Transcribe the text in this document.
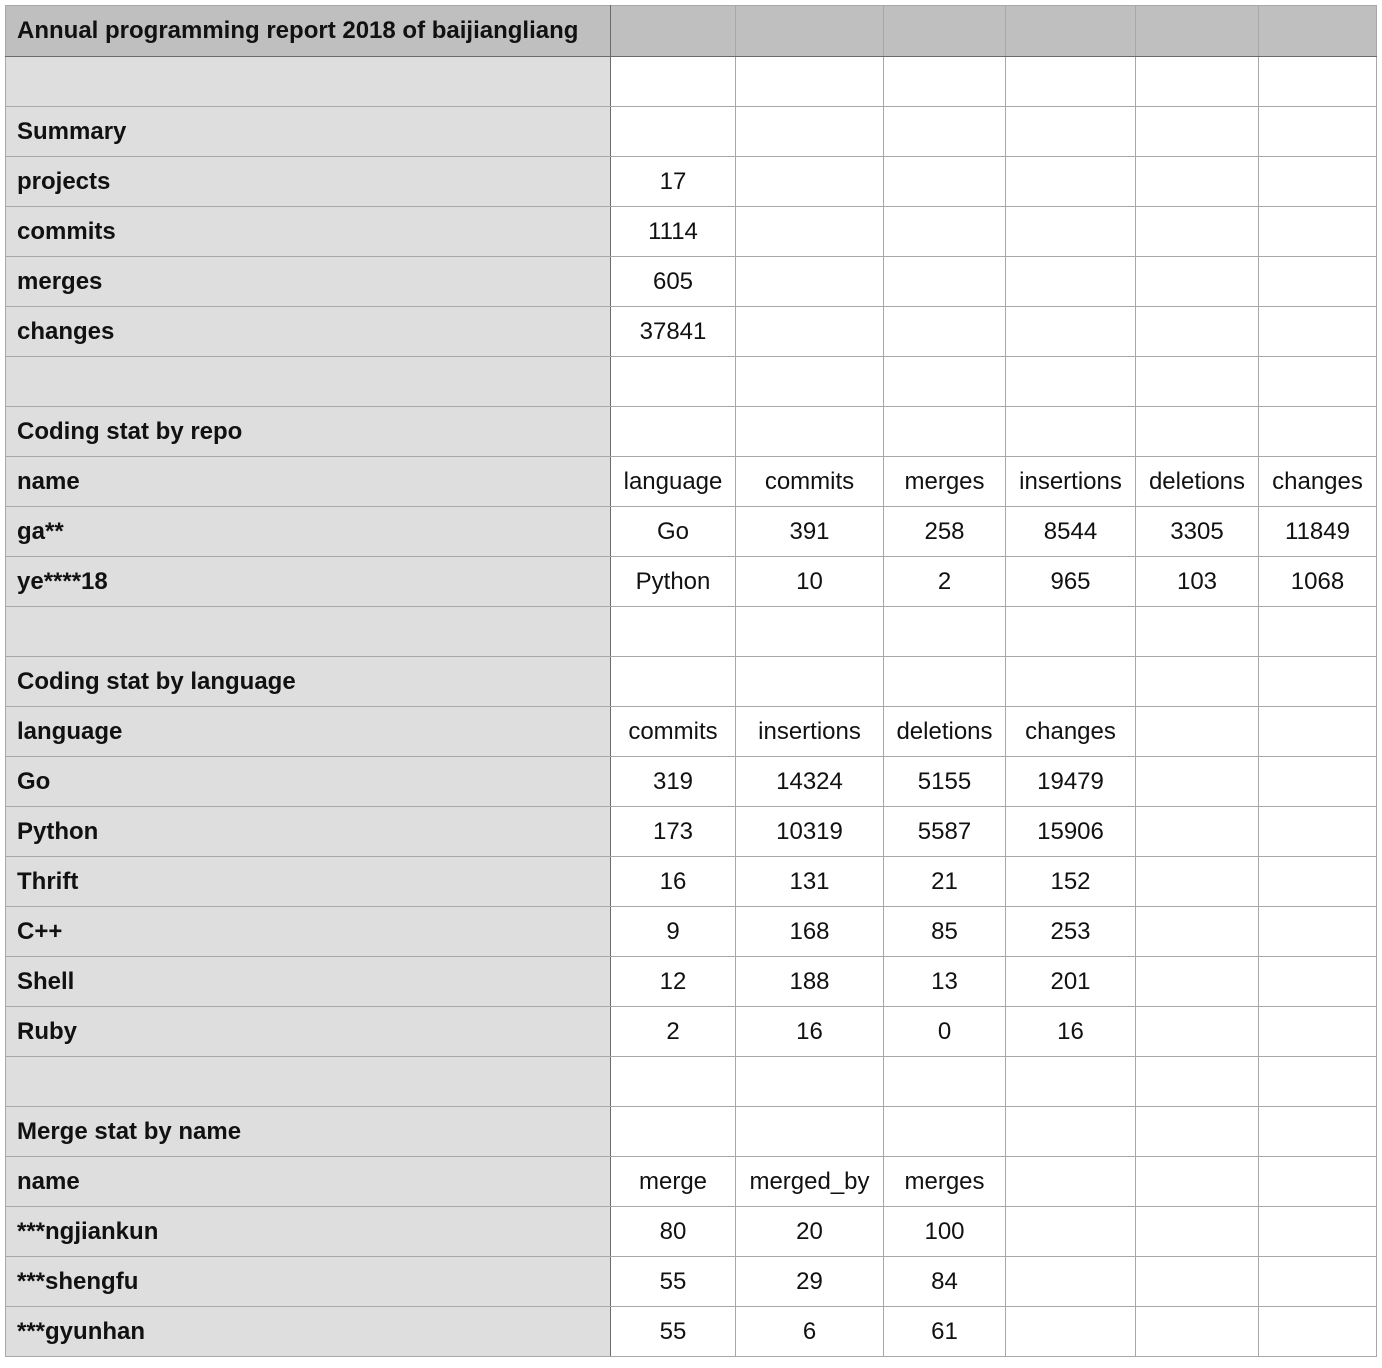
Annual programming report 2018 of baijiangliang						

Summary						
projects	17					
commits	1114					
merges	605					
changes	37841					

Coding stat by repo						
name	language	commits	merges	insertions	deletions	changes
ga**	Go	391	258	8544	3305	11849
ye****18	Python	10	2	965	103	1068

Coding stat by language						
language	commits	insertions	deletions	changes		
Go	319	14324	5155	19479		
Python	173	10319	5587	15906		
Thrift	16	131	21	152		
C++	9	168	85	253		
Shell	12	188	13	201		
Ruby	2	16	0	16		

Merge stat by name						
name	merge	merged_by	merges			
***ngjiankun	80	20	100			
***shengfu	55	29	84			
***gyunhan	55	6	61			
